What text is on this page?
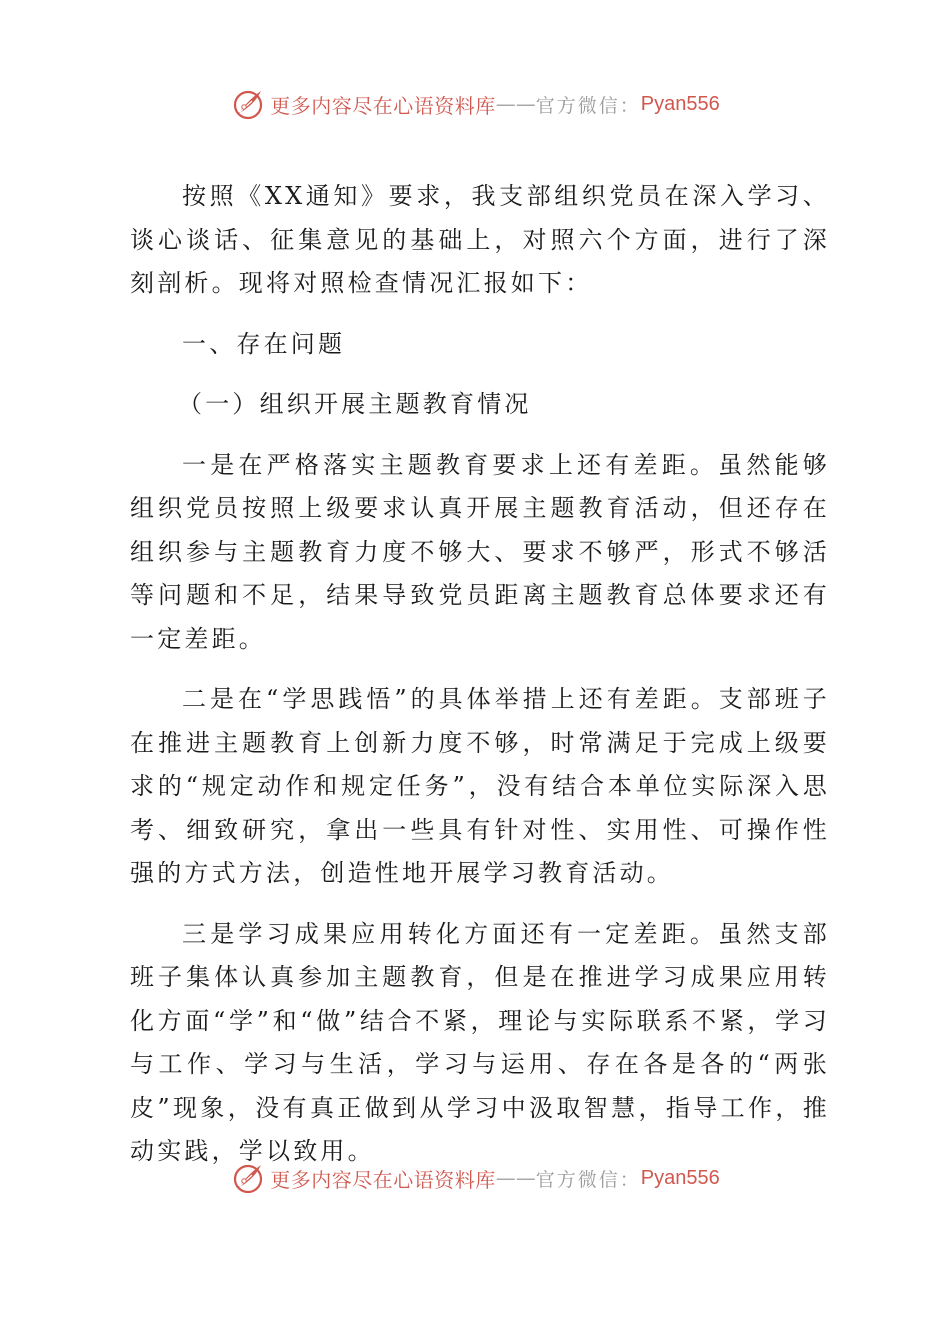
更多内容尽在心语资料库 —— 官方微信： Pyan556

按照《XX通知》要求，我支部组织党员在深入学习、谈心谈话、征集意见的基础上，对照六个方面，进行了深刻剖析。现将对照检查情况汇报如下：

一、存在问题

（一）组织开展主题教育情况

一是在严格落实主题教育要求上还有差距。虽然能够组织党员按照上级要求认真开展主题教育活动，但还存在组织参与主题教育力度不够大、要求不够严，形式不够活等问题和不足，结果导致党员距离主题教育总体要求还有一定差距。

二是在“学思践悟”的具体举措上还有差距。支部班子在推进主题教育上创新力度不够，时常满足于完成上级要求的“规定动作和规定任务”，没有结合本单位实际深入思考、细致研究，拿出一些具有针对性、实用性、可操作性强的方式方法，创造性地开展学习教育活动。

三是学习成果应用转化方面还有一定差距。虽然支部班子集体认真参加主题教育，但是在推进学习成果应用转化方面“学”和“做”结合不紧，理论与实际联系不紧，学习与工作、学习与生活，学习与运用、存在各是各的“两张皮”现象，没有真正做到从学习中汲取智慧，指导工作，推动实践，学以致用。

更多内容尽在心语资料库 —— 官方微信： Pyan556
